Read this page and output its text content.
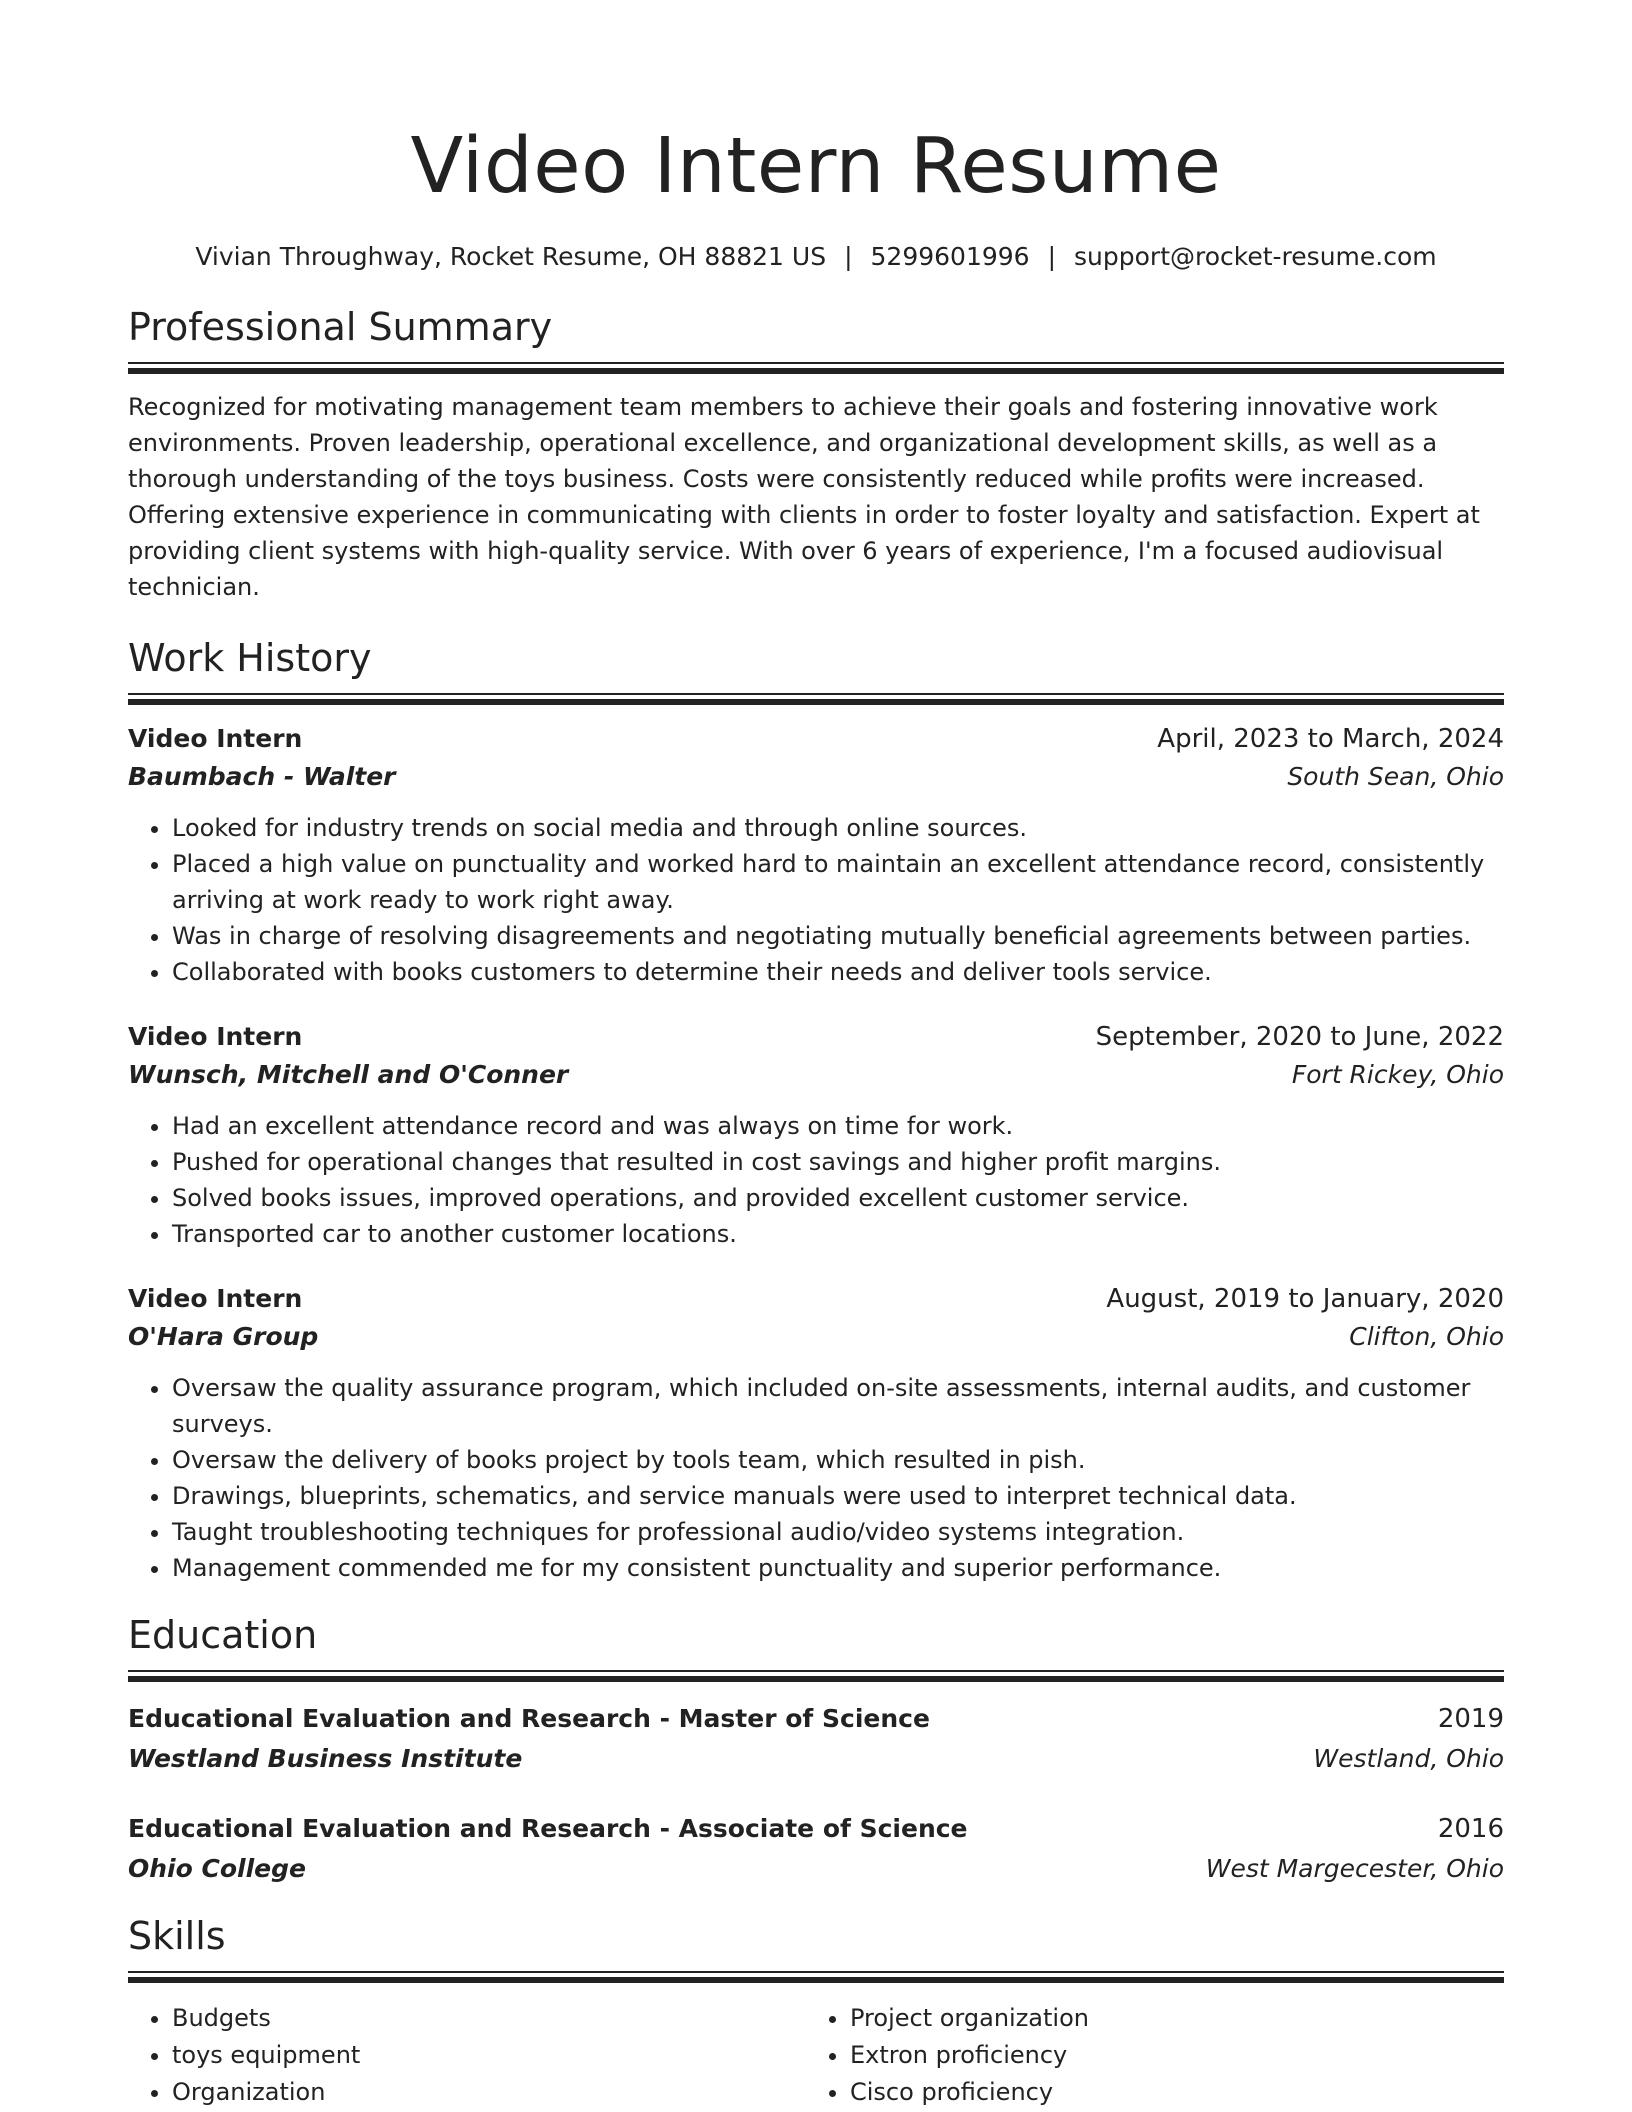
Video Intern Resume
Vivian Throughway, Rocket Resume, OH 88821 US | 5299601996 | support@rocket-resume.com
Professional Summary
Recognized for motivating management team members to achieve their goals and fostering innovative work environments. Proven leadership, operational excellence, and organizational development skills, as well as a thorough understanding of the toys business. Costs were consistently reduced while profits were increased. Offering extensive experience in communicating with clients in order to foster loyalty and satisfaction. Expert at providing client systems with high-quality service. With over 6 years of experience, I'm a focused audiovisual technician.
Work History
Video Intern	April, 2023 to March, 2024
Baumbach - Walter	South Sean, Ohio
• Looked for industry trends on social media and through online sources.
• Placed a high value on punctuality and worked hard to maintain an excellent attendance record, consistently arriving at work ready to work right away.
• Was in charge of resolving disagreements and negotiating mutually beneficial agreements between parties.
• Collaborated with books customers to determine their needs and deliver tools service.
Video Intern	September, 2020 to June, 2022
Wunsch, Mitchell and O'Conner	Fort Rickey, Ohio
• Had an excellent attendance record and was always on time for work.
• Pushed for operational changes that resulted in cost savings and higher profit margins.
• Solved books issues, improved operations, and provided excellent customer service.
• Transported car to another customer locations.
Video Intern	August, 2019 to January, 2020
O'Hara Group	Clifton, Ohio
• Oversaw the quality assurance program, which included on-site assessments, internal audits, and customer surveys.
• Oversaw the delivery of books project by tools team, which resulted in pish.
• Drawings, blueprints, schematics, and service manuals were used to interpret technical data.
• Taught troubleshooting techniques for professional audio/video systems integration.
• Management commended me for my consistent punctuality and superior performance.
Education
Educational Evaluation and Research - Master of Science	2019
Westland Business Institute	Westland, Ohio
Educational Evaluation and Research - Associate of Science	2016
Ohio College	West Margecester, Ohio
Skills
• Budgets
• toys equipment
• Organization
• Project organization
• Extron proficiency
• Cisco proficiency
